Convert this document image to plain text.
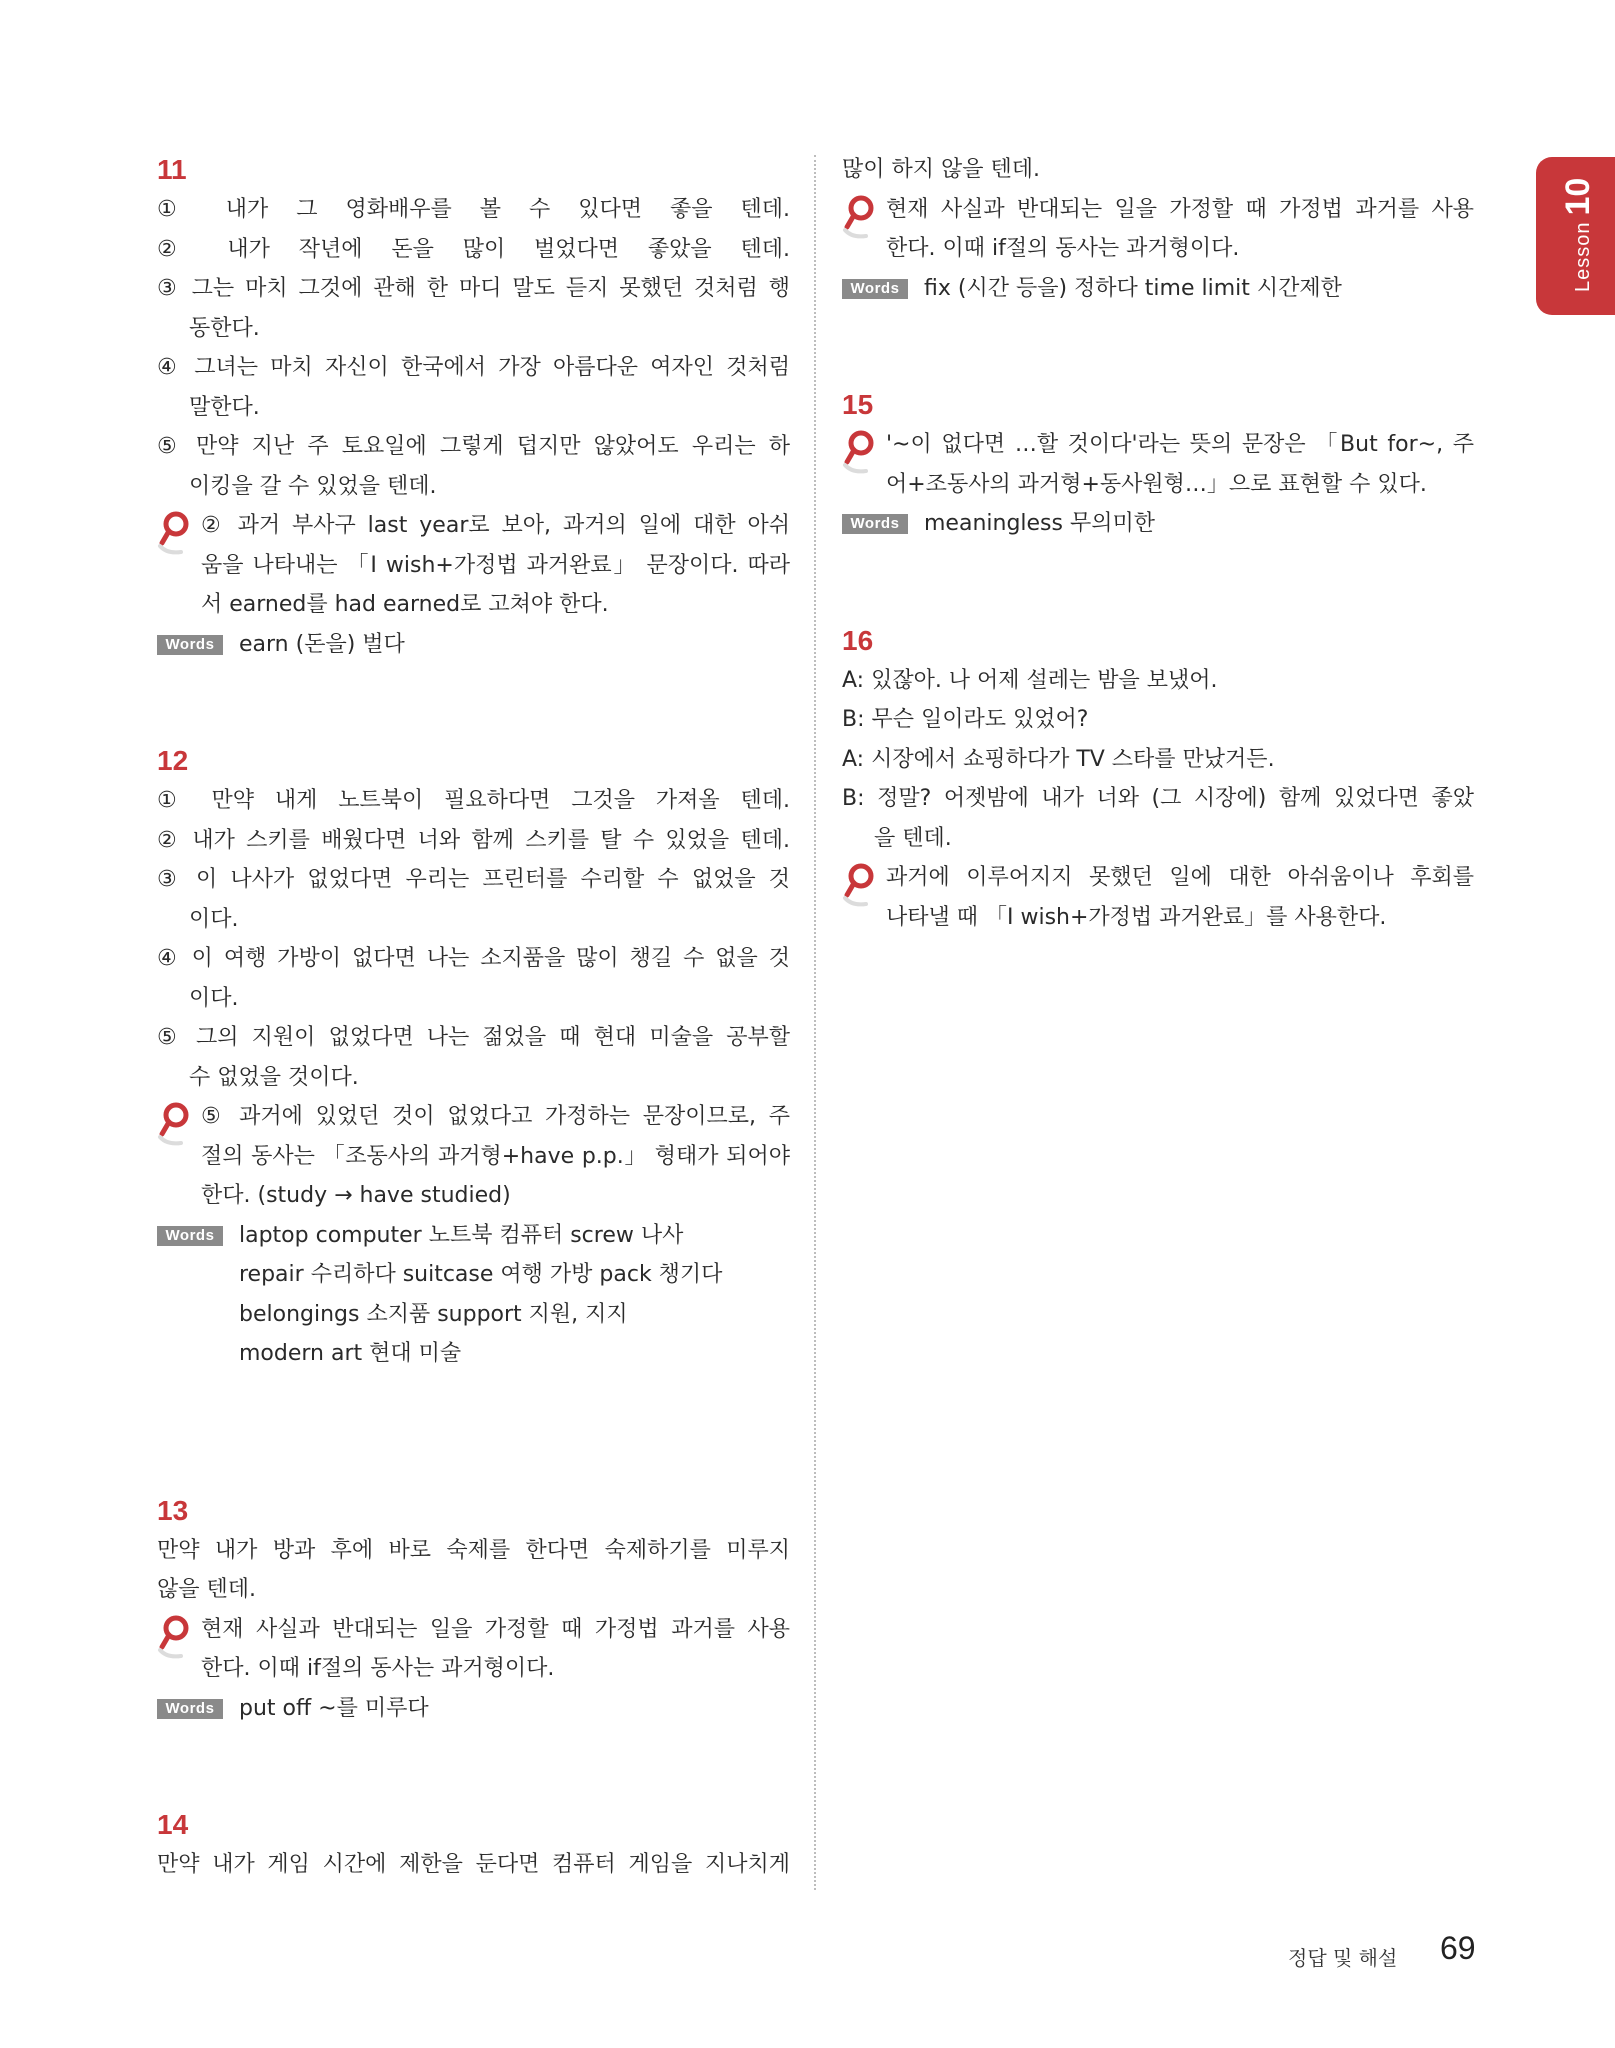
Lesson10

11

① 내가 그 영화배우를 볼 수 있다면 좋을 텐데.

② 내가 작년에 돈을 많이 벌었다면 좋았을 텐데.

③ 그는 마치 그것에 관해 한 마디 말도 듣지 못했던 것처럼 행

동한다.

④ 그녀는 마치 자신이 한국에서 가장 아름다운 여자인 것처럼

말한다.

⑤ 만약 지난 주 토요일에 그렇게 덥지만 않았어도 우리는 하

이킹을 갈 수 있었을 텐데.

② 과거 부사구 last year로 보아, 과거의 일에 대한 아쉬

움을 나타내는 「I wish+가정법 과거완료」 문장이다. 따라

서 earned를 had earned로 고쳐야 한다.

Words	earn (돈을) 벌다

12

① 만약 내게 노트북이 필요하다면 그것을 가져올 텐데.

② 내가 스키를 배웠다면 너와 함께 스키를 탈 수 있었을 텐데.

③ 이 나사가 없었다면 우리는 프린터를 수리할 수 없었을 것

이다.

④ 이 여행 가방이 없다면 나는 소지품을 많이 챙길 수 없을 것

이다.

⑤ 그의 지원이 없었다면 나는 젊었을 때 현대 미술을 공부할

수 없었을 것이다.

⑤ 과거에 있었던 것이 없었다고 가정하는 문장이므로, 주

절의 동사는 「조동사의 과거형+have p.p.」 형태가 되어야

한다. (study → have studied)

Words	laptop computer 노트북 컴퓨터 screw 나사

repair 수리하다 suitcase 여행 가방 pack 챙기다

belongings 소지품 support 지원, 지지

modern art 현대 미술

13

만약 내가 방과 후에 바로 숙제를 한다면 숙제하기를 미루지

않을 텐데.

현재 사실과 반대되는 일을 가정할 때 가정법 과거를 사용

한다. 이때 if절의 동사는 과거형이다.

Words	put off ~를 미루다

14

만약 내가 게임 시간에 제한을 둔다면 컴퓨터 게임을 지나치게

많이 하지 않을 텐데.

현재 사실과 반대되는 일을 가정할 때 가정법 과거를 사용

한다. 이때 if절의 동사는 과거형이다.

Words	fix (시간 등을) 정하다 time limit 시간제한

15

'~이 없다면 …할 것이다'라는 뜻의 문장은 「But for~, 주

어+조동사의 과거형+동사원형…」으로 표현할 수 있다.

Words	meaningless 무의미한

16

A: 있잖아. 나 어제 설레는 밤을 보냈어.

B: 무슨 일이라도 있었어?

A: 시장에서 쇼핑하다가 TV 스타를 만났거든.

B: 정말? 어젯밤에 내가 너와 (그 시장에) 함께 있었다면 좋았

을 텐데.

과거에 이루어지지 못했던 일에 대한 아쉬움이나 후회를

나타낼 때 「I wish+가정법 과거완료」를 사용한다.

정답 및 해설 69
